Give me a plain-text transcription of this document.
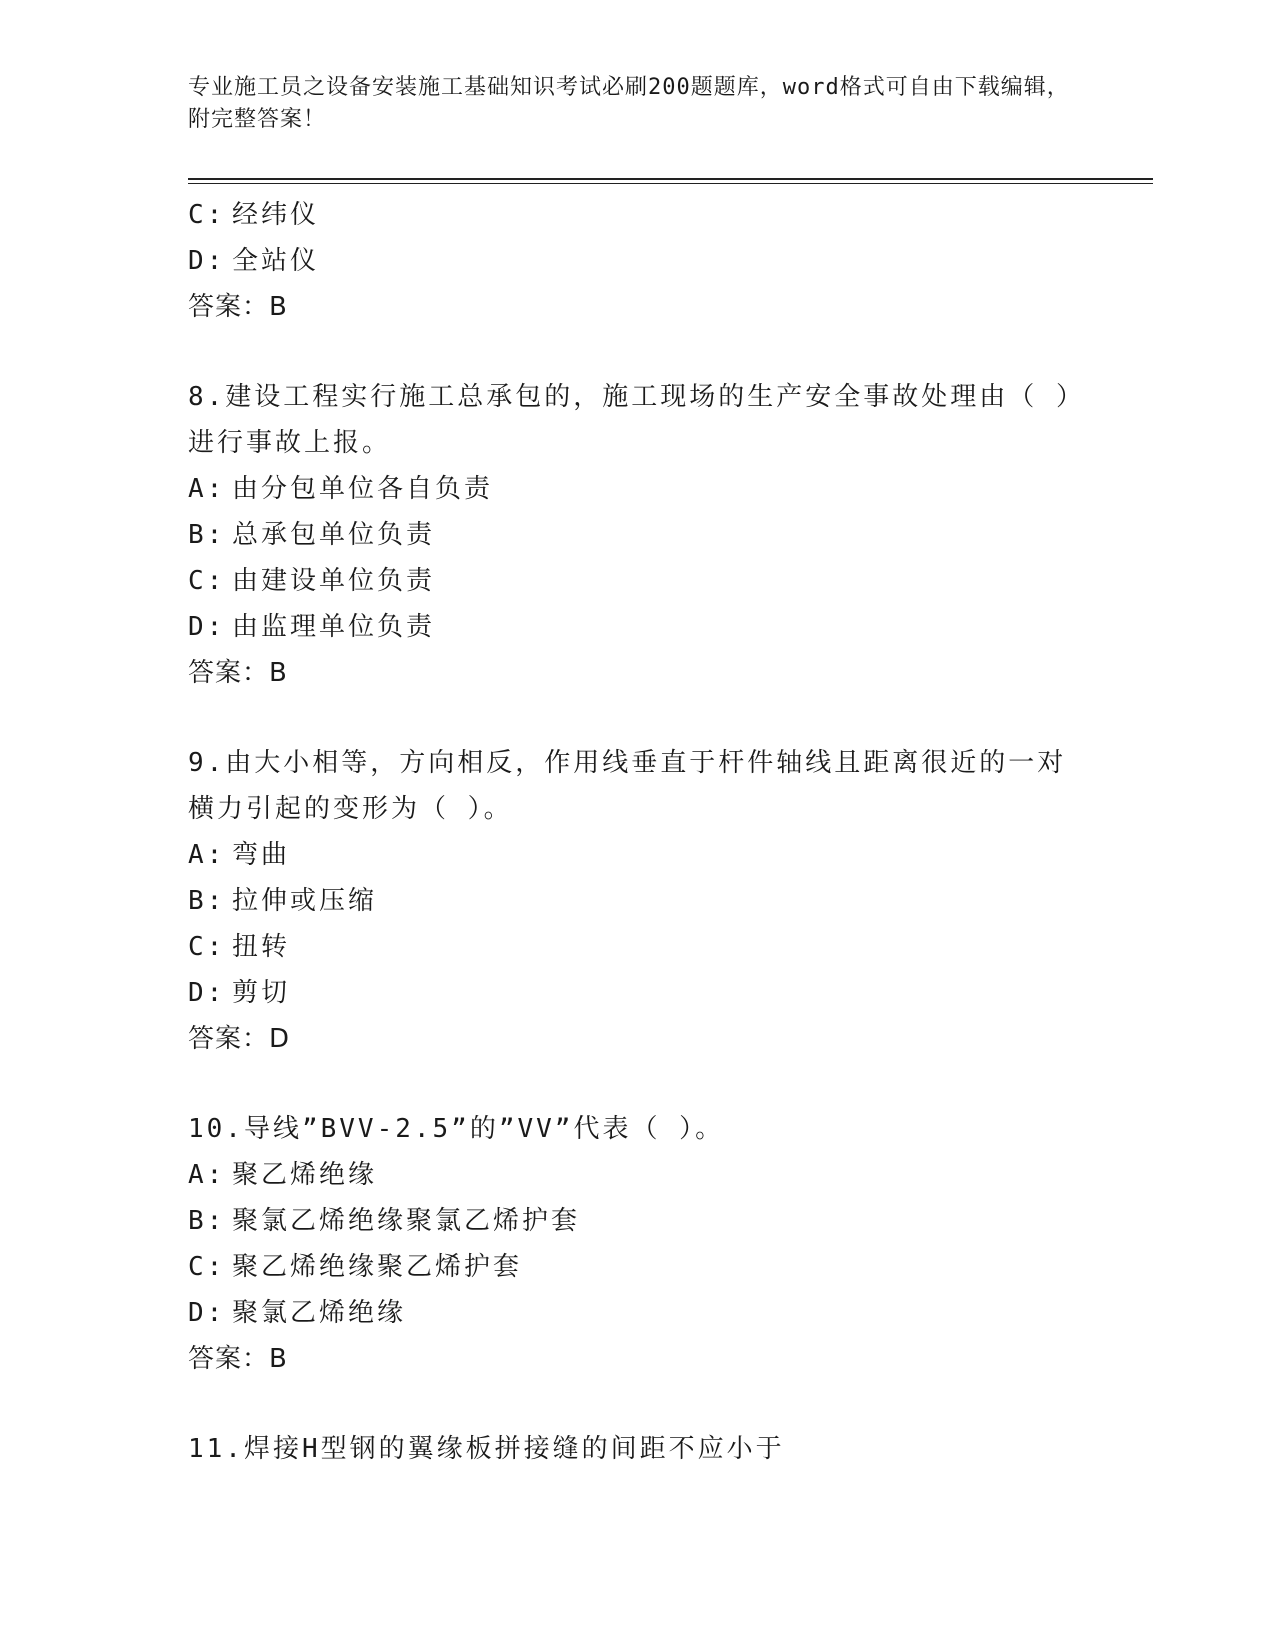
专业施工员之设备安装施工基础知识考试必刷200题题库，word格式可自由下载编辑，附完整答案！
C: 经纬仪
D: 全站仪
答案：B
8.建设工程实行施工总承包的，施工现场的生产安全事故处理由（ ）
进行事故上报。
A: 由分包单位各自负责
B: 总承包单位负责
C: 由建设单位负责
D: 由监理单位负责
答案：B
9.由大小相等，方向相反，作用线垂直于杆件轴线且距离很近的一对
横力引起的变形为（ ）。
A: 弯曲
B: 拉伸或压缩
C: 扭转
D: 剪切
答案：D
10.导线”BVV-2.5”的”VV”代表（ ）。
A: 聚乙烯绝缘
B: 聚氯乙烯绝缘聚氯乙烯护套
C: 聚乙烯绝缘聚乙烯护套
D: 聚氯乙烯绝缘
答案：B
11.焊接H型钢的翼缘板拼接缝的间距不应小于
